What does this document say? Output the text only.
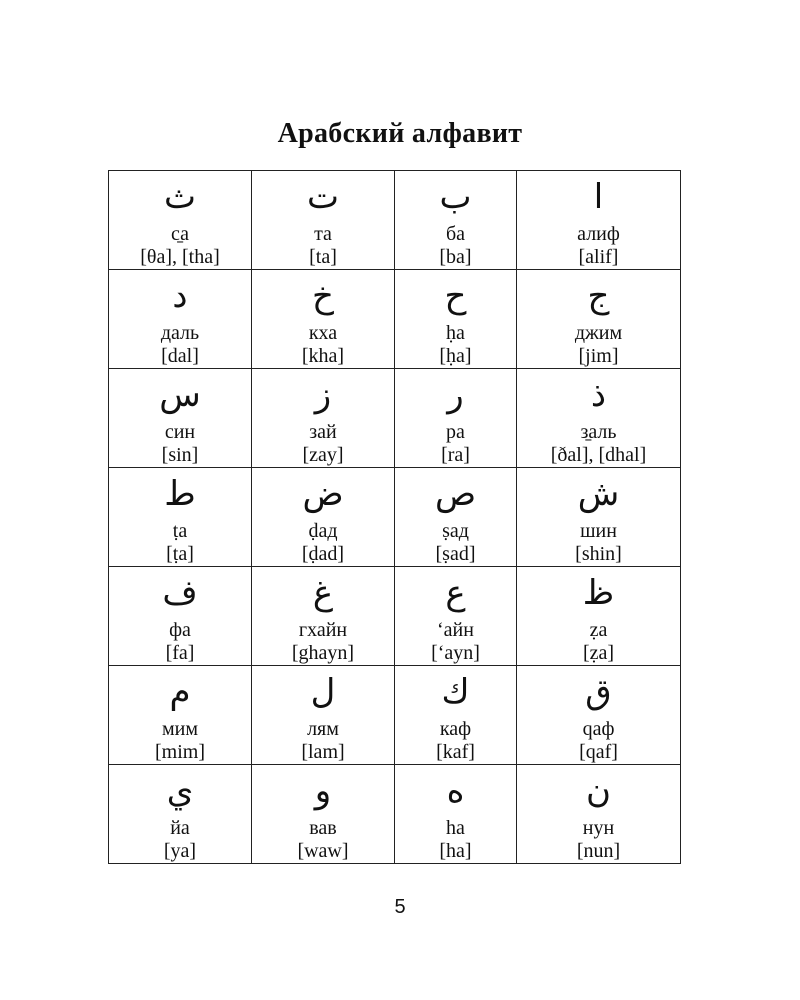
Арабский алфавит
ث
с̱а
[θa], [tha]	ت
та
[ta]	ب
ба
[ba]	ا
алиф
[alif]

د
даль
[dal]	خ
кха
[kha]	ح
ḥа
[ḥa]	ج
джим
[jim]

س
син
[sin]	ز
зай
[zay]	ر
ра
[ra]	ذ
з̱аль
[ðal], [dhal]

ط
ṭа
[ṭa]	ض
ḍад
[ḍad]	ص
ṣад
[ṣad]	ش
шин
[shin]

ف
фа
[fa]	غ
гхайн
[ghayn]	ع
‘айн
[‘ayn]	ظ
ẓа
[ẓa]

م
мим
[mim]	ل
лям
[lam]	ك
каф
[kaf]	ق
qаф
[qaf]

ي
йа
[ya]	و
вав
[waw]	ه
ha
[ha]	ن
нун
[nun]
5
